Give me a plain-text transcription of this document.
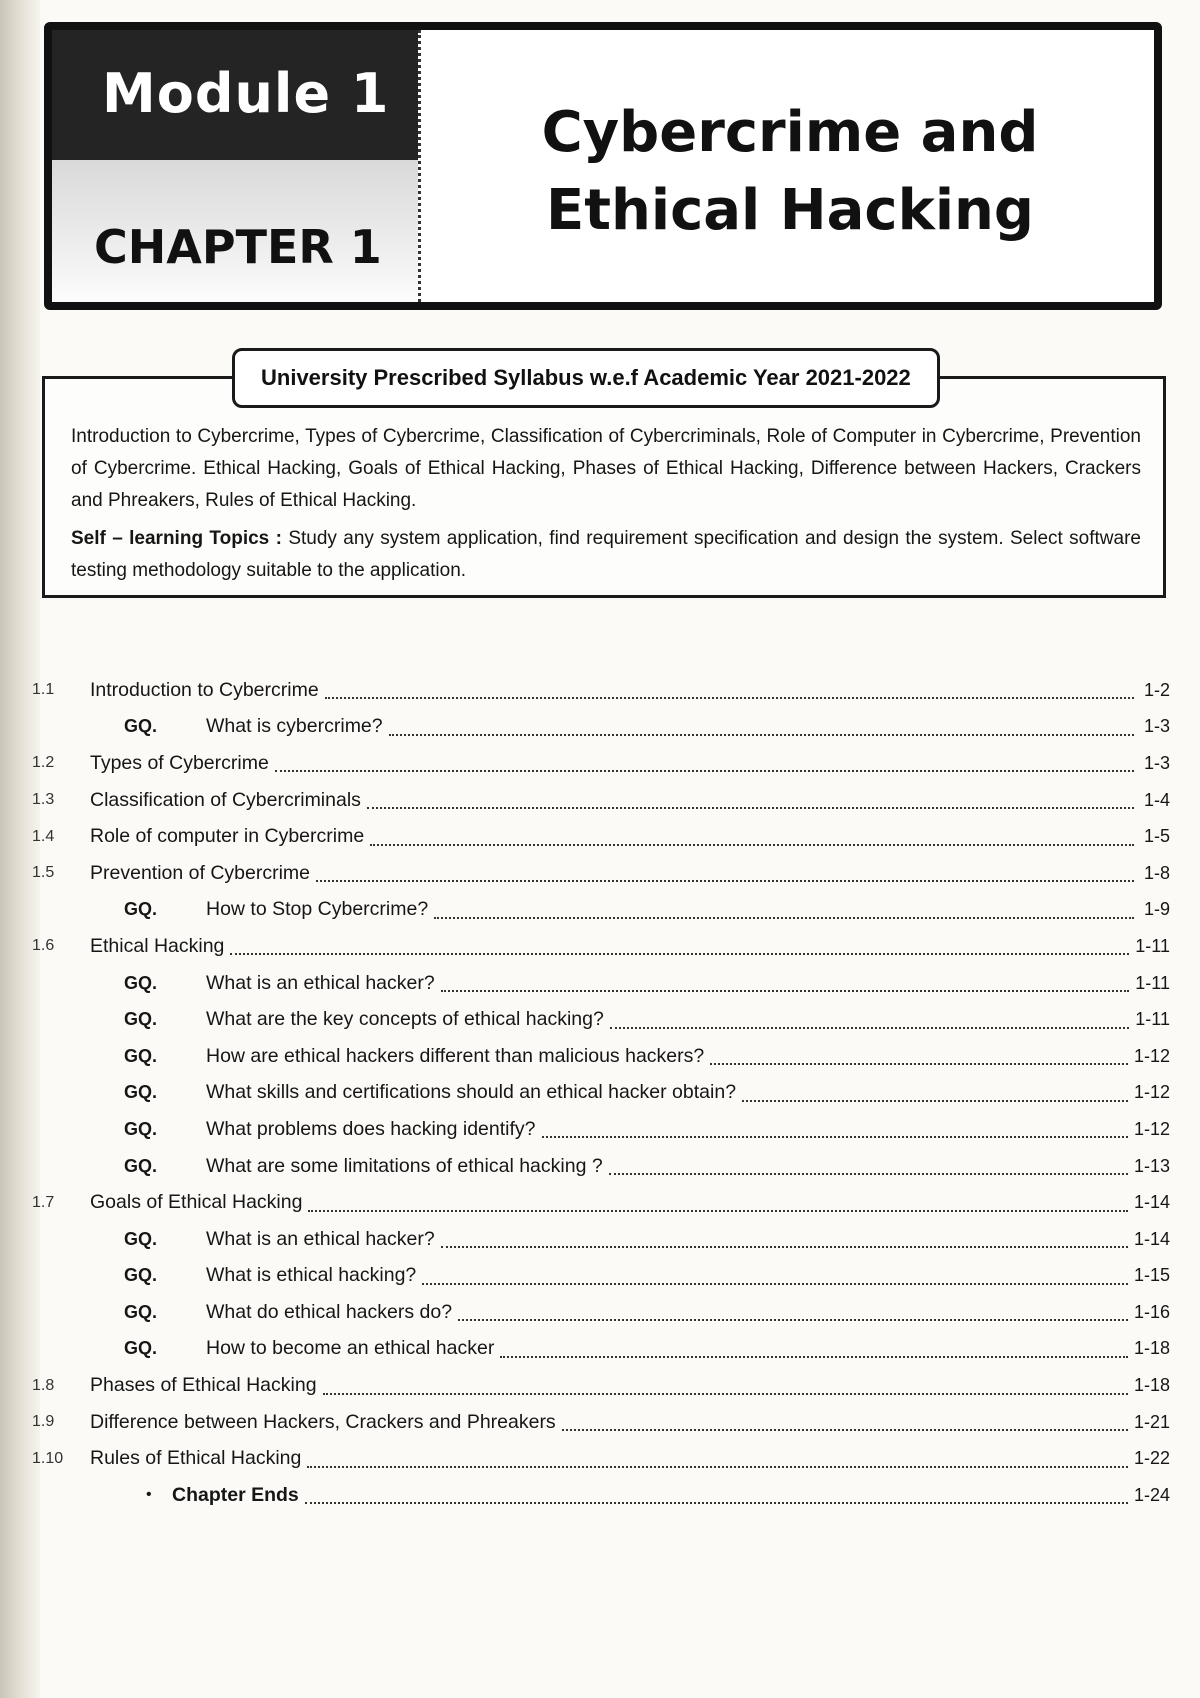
Module 1
CHAPTER 1
Cybercrime and
Ethical Hacking
Introduction to Cybercrime, Types of Cybercrime, Classification of Cybercriminals, Role of Computer in Cybercrime, Prevention of Cybercrime. Ethical Hacking, Goals of Ethical Hacking, Phases of Ethical Hacking, Difference between Hackers, Crackers and Phreakers, Rules of Ethical Hacking.
Self – learning Topics : Study any system application, find requirement specification and design the system. Select software testing methodology suitable to the application.
University Prescribed Syllabus w.e.f Academic Year 2021-2022
1.1	Introduction to Cybercrime	1-2
GQ.	What is cybercrime?	1-3
1.2	Types of Cybercrime	1-3
1.3	Classification of Cybercriminals	1-4
1.4	Role of computer in Cybercrime	1-5
1.5	Prevention of Cybercrime	1-8
GQ.	How to Stop Cybercrime?	1-9
1.6	Ethical Hacking	1-11
GQ.	What is an ethical hacker?	1-11
GQ.	What are the key concepts of ethical hacking?	1-11
GQ.	How are ethical hackers different than malicious hackers?	1-12
GQ.	What skills and certifications should an ethical hacker obtain?	1-12
GQ.	What problems does hacking identify?	1-12
GQ.	What are some limitations of ethical hacking ?	1-13
1.7	Goals of Ethical Hacking	1-14
GQ.	What is an ethical hacker?	1-14
GQ.	What is ethical hacking?	1-15
GQ.	What do ethical hackers do?	1-16
GQ.	How to become an ethical hacker	1-18
1.8	Phases of Ethical Hacking	1-18
1.9	Difference between Hackers, Crackers and Phreakers	1-21
1.10	Rules of Ethical Hacking	1-22
•	Chapter Ends	1-24
